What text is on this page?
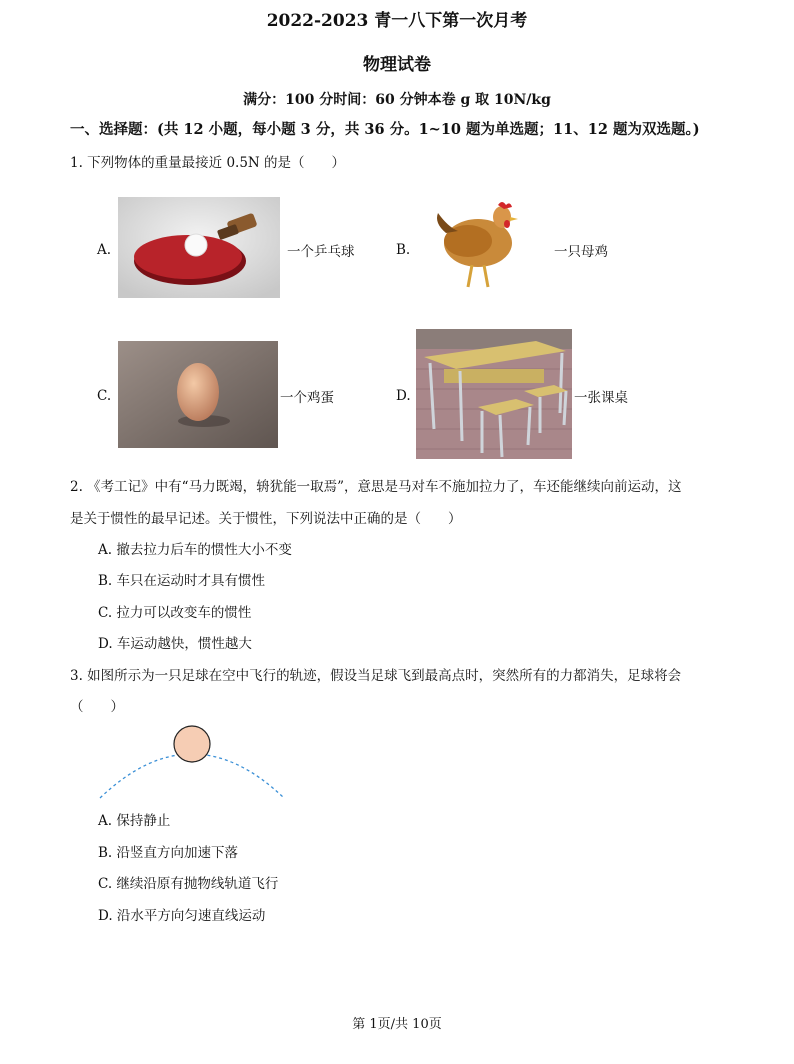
2022-2023 青一八下第一次月考
物理试卷
满分：100 分时间：60 分钟本卷 g 取 10N/kg
一、选择题：(共 12 小题，每小题 3 分，共 36 分。1~10 题为单选题；11、12 题为双选题。)
1. 下列物体的重量最接近 0.5N 的是（　　）
A.	一个乒乓球	B.	一只母鸡
C.	一个鸡蛋	D.	一张课桌
2. 《考工记》中有“马力既竭，辀犹能一取焉”，意思是马对车不施加拉力了，车还能继续向前运动，这
是关于惯性的最早记述。关于惯性，下列说法中正确的是（　　）
A. 撤去拉力后车的惯性大小不变
B. 车只在运动时才具有惯性
C. 拉力可以改变车的惯性
D. 车运动越快，惯性越大
3. 如图所示为一只足球在空中飞行的轨迹，假设当足球飞到最高点时，突然所有的力都消失，足球将会
（　　）
A. 保持静止
B. 沿竖直方向加速下落
C. 继续沿原有抛物线轨道飞行
D. 沿水平方向匀速直线运动
第 1页/共 10页
